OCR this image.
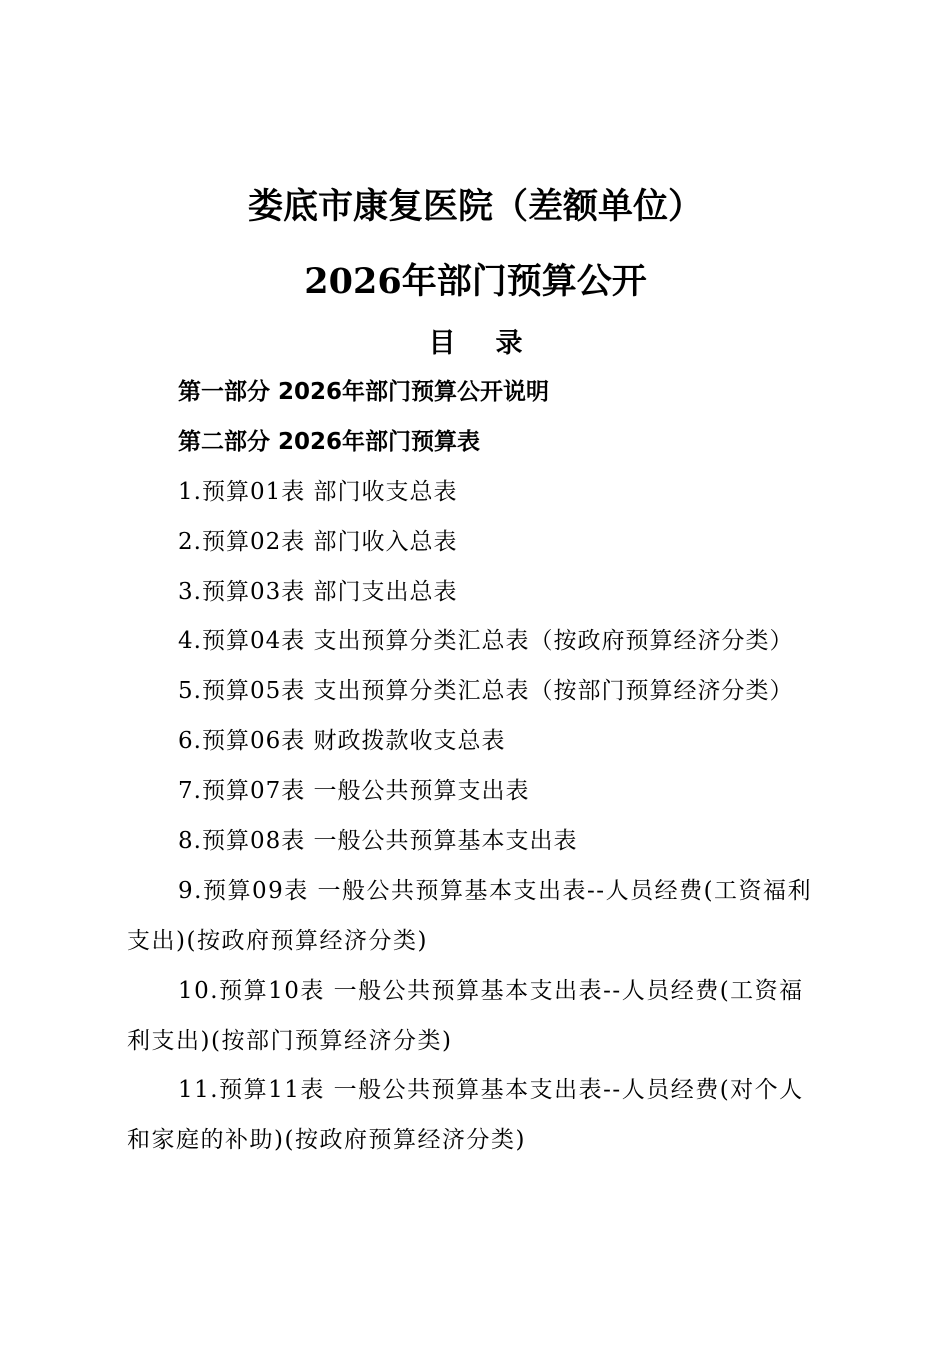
娄底市康复医院（差额单位）
2026年部门预算公开
目录
第一部分 2026年部门预算公开说明
第二部分 2026年部门预算表
1.预算01表 部门收支总表
2.预算02表 部门收入总表
3.预算03表 部门支出总表
4.预算04表 支出预算分类汇总表（按政府预算经济分类）
5.预算05表 支出预算分类汇总表（按部门预算经济分类）
6.预算06表 财政拨款收支总表
7.预算07表 一般公共预算支出表
8.预算08表 一般公共预算基本支出表
9.预算09表 一般公共预算基本支出表--人员经费(工资福利支出)(按政府预算经济分类)
10.预算10表 一般公共预算基本支出表--人员经费(工资福利支出)(按部门预算经济分类)
11.预算11表 一般公共预算基本支出表--人员经费(对个人和家庭的补助)(按政府预算经济分类)
